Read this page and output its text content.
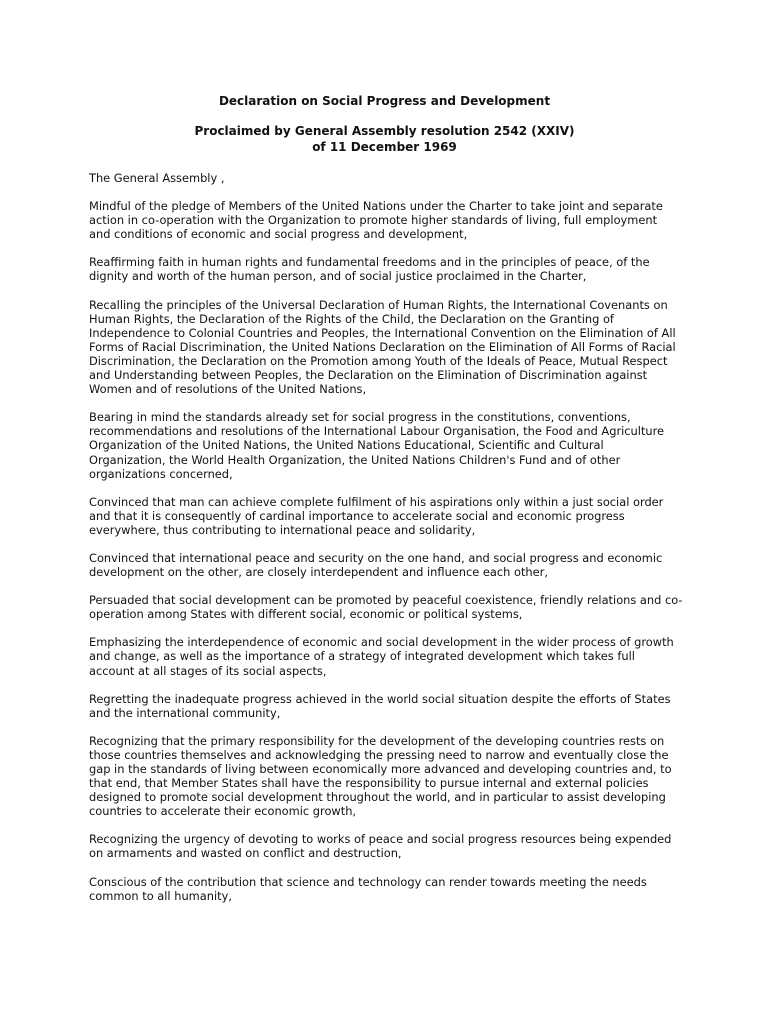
Declaration on Social Progress and Development
Proclaimed by General Assembly resolution 2542 (XXIV)
of 11 December 1969
The General Assembly ,
Mindful of the pledge of Members of the United Nations under the Charter to take joint and separate
action in co-operation with the Organization to promote higher standards of living, full employment
and conditions of economic and social progress and development,
Reaffirming faith in human rights and fundamental freedoms and in the principles of peace, of the
dignity and worth of the human person, and of social justice proclaimed in the Charter,
Recalling the principles of the Universal Declaration of Human Rights, the International Covenants on
Human Rights, the Declaration of the Rights of the Child, the Declaration on the Granting of
Independence to Colonial Countries and Peoples, the International Convention on the Elimination of All
Forms of Racial Discrimination, the United Nations Declaration on the Elimination of All Forms of Racial
Discrimination, the Declaration on the Promotion among Youth of the Ideals of Peace, Mutual Respect
and Understanding between Peoples, the Declaration on the Elimination of Discrimination against
Women and of resolutions of the United Nations,
Bearing in mind the standards already set for social progress in the constitutions, conventions,
recommendations and resolutions of the International Labour Organisation, the Food and Agriculture
Organization of the United Nations, the United Nations Educational, Scientific and Cultural
Organization, the World Health Organization, the United Nations Children's Fund and of other
organizations concerned,
Convinced that man can achieve complete fulfilment of his aspirations only within a just social order
and that it is consequently of cardinal importance to accelerate social and economic progress
everywhere, thus contributing to international peace and solidarity,
Convinced that international peace and security on the one hand, and social progress and economic
development on the other, are closely interdependent and influence each other,
Persuaded that social development can be promoted by peaceful coexistence, friendly relations and co-
operation among States with different social, economic or political systems,
Emphasizing the interdependence of economic and social development in the wider process of growth
and change, as well as the importance of a strategy of integrated development which takes full
account at all stages of its social aspects,
Regretting the inadequate progress achieved in the world social situation despite the efforts of States
and the international community,
Recognizing that the primary responsibility for the development of the developing countries rests on
those countries themselves and acknowledging the pressing need to narrow and eventually close the
gap in the standards of living between economically more advanced and developing countries and, to
that end, that Member States shall have the responsibility to pursue internal and external policies
designed to promote social development throughout the world, and in particular to assist developing
countries to accelerate their economic growth,
Recognizing the urgency of devoting to works of peace and social progress resources being expended
on armaments and wasted on conflict and destruction,
Conscious of the contribution that science and technology can render towards meeting the needs
common to all humanity,
